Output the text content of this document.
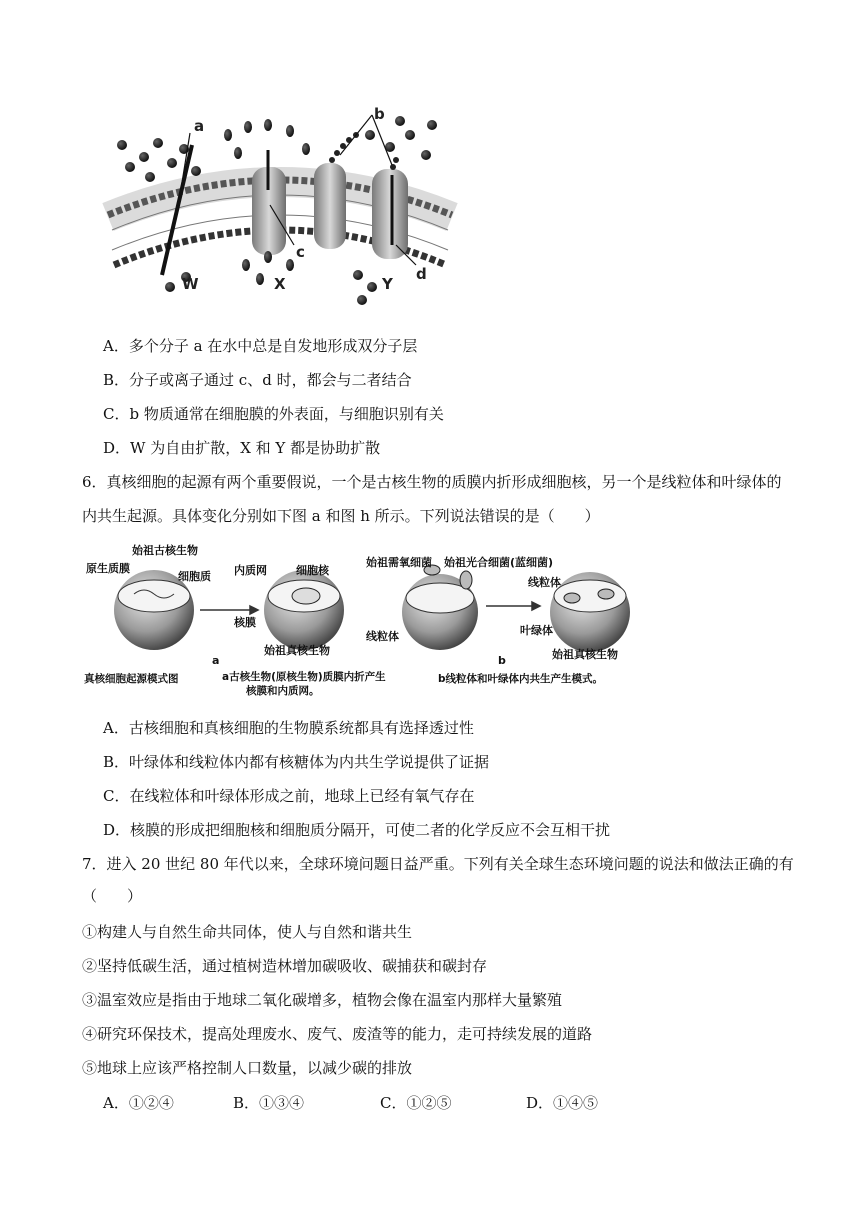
a
b
c
d
W	X	Y
A．多个分子 a 在水中总是自发地形成双分子层
B．分子或离子通过 c、d 时，都会与二者结合
C．b 物质通常在细胞膜的外表面，与细胞识别有关
D．W 为自由扩散，X 和 Y 都是协助扩散
6．真核细胞的起源有两个重要假说，一个是古核生物的质膜内折形成细胞核，另一个是线粒体和叶绿体的
内共生起源。具体变化分别如下图 a 和图 h 所示。下列说法错误的是（　　）
始祖古核生物
原生质膜
细胞质 内质网	细胞核
核膜
始祖真核生物
始祖需氧细菌 始祖光合细菌(蓝细菌)
线粒体
线粒体	叶绿体
始祖真核生物
a	b
真核细胞起源模式图	a古核生物(原核生物)质膜内折产生
核膜和内质网。
b线粒体和叶绿体内共生产生模式。
A．古核细胞和真核细胞的生物膜系统都具有选择透过性
B．叶绿体和线粒体内都有核糖体为内共生学说提供了证据
C．在线粒体和叶绿体形成之前，地球上已经有氧气存在
D．核膜的形成把细胞核和细胞质分隔开，可使二者的化学反应不会互相干扰
7．进入 20 世纪 80 年代以来，全球环境问题日益严重。下列有关全球生态环境问题的说法和做法正确的有
（　　）
①构建人与自然生命共同体，使人与自然和谐共生
②坚持低碳生活，通过植树造林增加碳吸收、碳捕获和碳封存
③温室效应是指由于地球二氧化碳增多，植物会像在温室内那样大量繁殖
④研究环保技术，提高处理废水、废气、废渣等的能力，走可持续发展的道路
⑤地球上应该严格控制人口数量，以减少碳的排放
A．①②④	B．①③④	C．①②⑤	D．①④⑤
